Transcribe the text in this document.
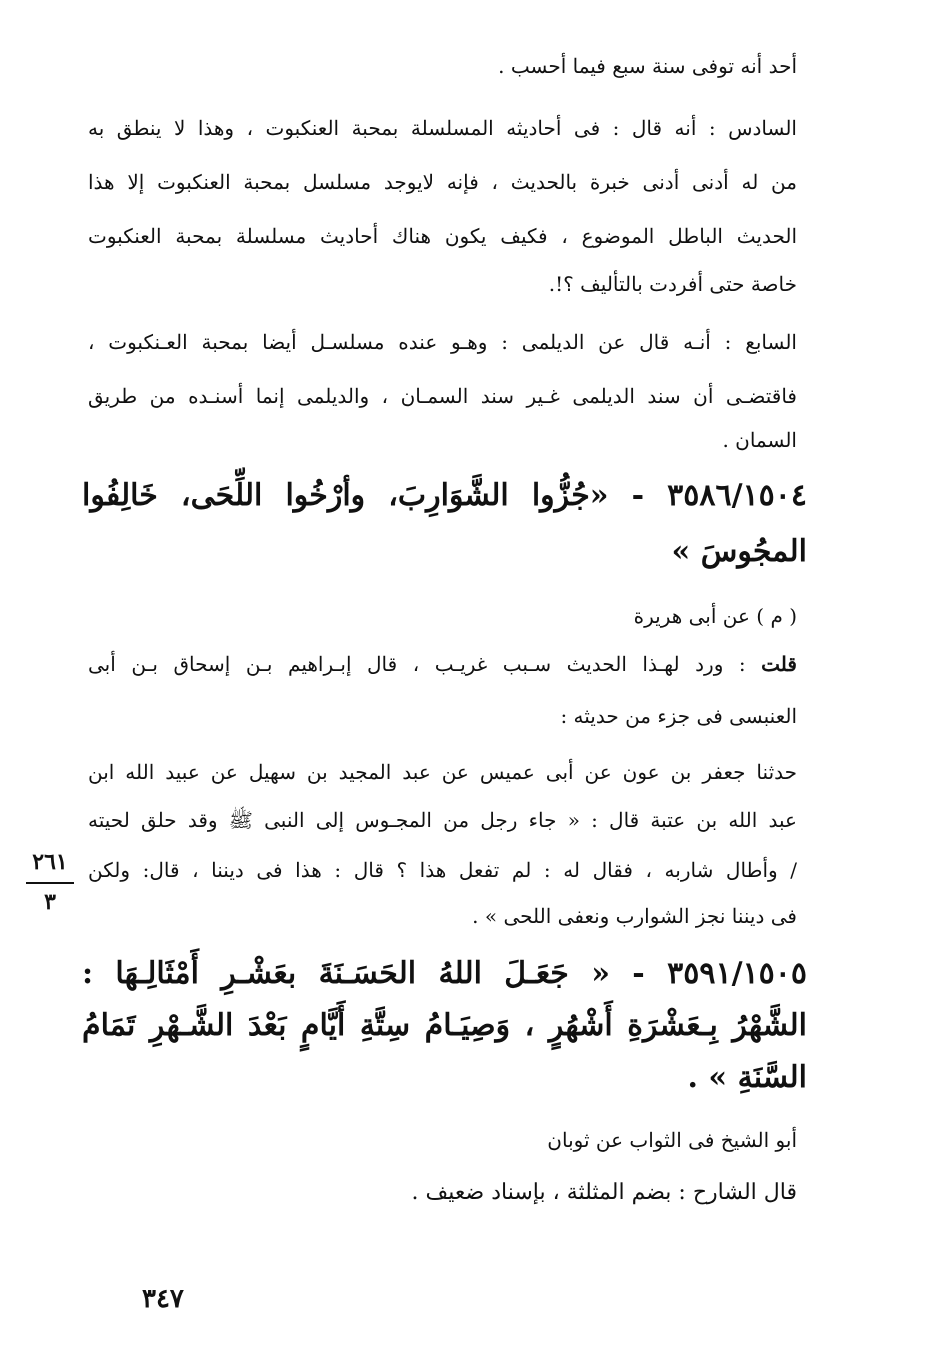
أحد أنه توفى سنة سبع فيما أحسب .
السادس : أنه قال : فى أحاديثه المسلسلة بمحبة العنكبوت ، وهذا لا ينطق به
من له أدنى أدنى خبرة بالحديث ، فإنه لايوجد مسلسل بمحبة العنكبوت إلا هذا
الحديث الباطل الموضوع ، فكيف يكون هناك أحاديث مسلسلة بمحبة العنكبوت
خاصة حتى أفردت بالتأليف ؟!.
السابع : أنـه قال عن الديلمى : وهـو عنده مسلسـل أيضا بمحبة العـنكبوت ،
فاقتضـى أن سند الديلمى غـير سند السمـان ، والديلمى إنما أسنـده من طريق
السمان .
٣٥٨٦/١٥٠٤ - «جُزُّوا الشَّوَارِبَ، وأرْخُوا اللِّحَى، خَالِفُوا
المجُوسَ »
( م ) عن أبى هريرة
قلت : ورد لهـذا الحديث سـبب غريـب ، قال إبـراهيم بـن إسحاق بـن أبى
العنبسى فى جزء من حديثه :
حدثنا جعفر بن عون عن أبى عميس عن عبد المجيد بن سهيل عن عبيد الله ابن
عبد الله بن عتبة قال : « جاء رجل من المجـوس إلى النبى ﷺ وقد حلق لحيته
/ وأطال شاربه ، فقال له : لم تفعل هذا ؟ قال : هذا فى ديننا ، قال: ولكن
فى ديننا نجز الشوارب ونعفى اللحى » .
٣٥٩١/١٥٠٥ - « جَعَـلَ اللهُ الحَسَـنَةَ بعَشْـرِ أَمْثَالِـهَا :
الشَّهْرُ بِـعَشْرَةِ أَشْهُرٍ ، وَصِيَـامُ سِتَّةِ أَيَّامٍ بَعْدَ الشَّـهْرِ تَمَامُ
السَّنَةِ » .
أبو الشيخ فى الثواب عن ثوبان
قال الشارح : بضم المثلثة ، بإسناد ضعيف .
٢٦١
٣
٣٤٧
